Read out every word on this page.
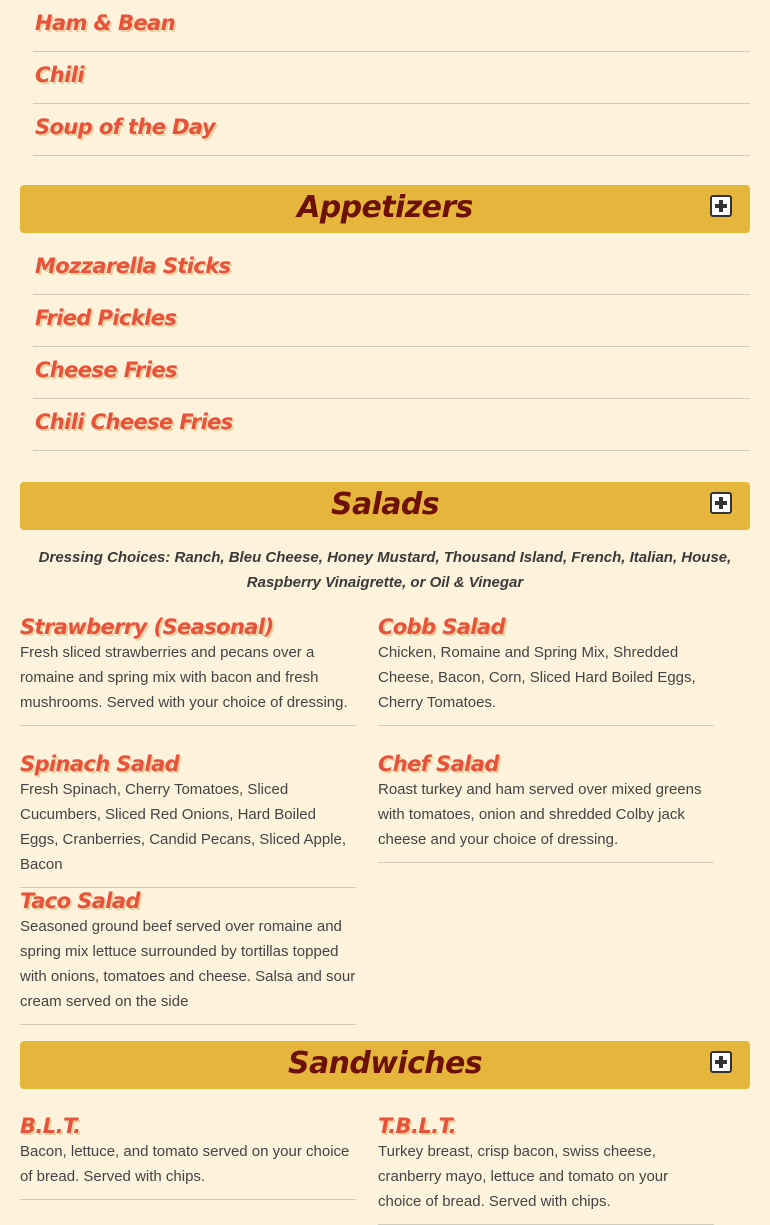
Ham & Bean
Chili
Soup of the Day
Appetizers
Mozzarella Sticks
Fried Pickles
Cheese Fries
Chili Cheese Fries
Salads
Dressing Choices: Ranch, Bleu Cheese, Honey Mustard, Thousand Island, French, Italian, House,
Raspberry Vinaigrette, or Oil & Vinegar
Strawberry (Seasonal)
Fresh sliced strawberries and pecans over a romaine and spring mix with bacon and fresh mushrooms. Served with your choice of dressing.
Cobb Salad
Chicken, Romaine and Spring Mix, Shredded Cheese, Bacon, Corn, Sliced Hard Boiled Eggs, Cherry Tomatoes.
Spinach Salad
Fresh Spinach, Cherry Tomatoes, Sliced Cucumbers, Sliced Red Onions, Hard Boiled Eggs, Cranberries, Candid Pecans, Sliced Apple, Bacon
Chef Salad
Roast turkey and ham served over mixed greens with tomatoes, onion and shredded Colby jack cheese and your choice of dressing.
Taco Salad
Seasoned ground beef served over romaine and spring mix lettuce surrounded by tortillas topped with onions, tomatoes and cheese. Salsa and sour cream served on the side
Sandwiches
B.L.T.
Bacon, lettuce, and tomato served on your choice of bread. Served with chips.
T.B.L.T.
Turkey breast, crisp bacon, swiss cheese, cranberry mayo, lettuce and tomato on your choice of bread. Served with chips.
